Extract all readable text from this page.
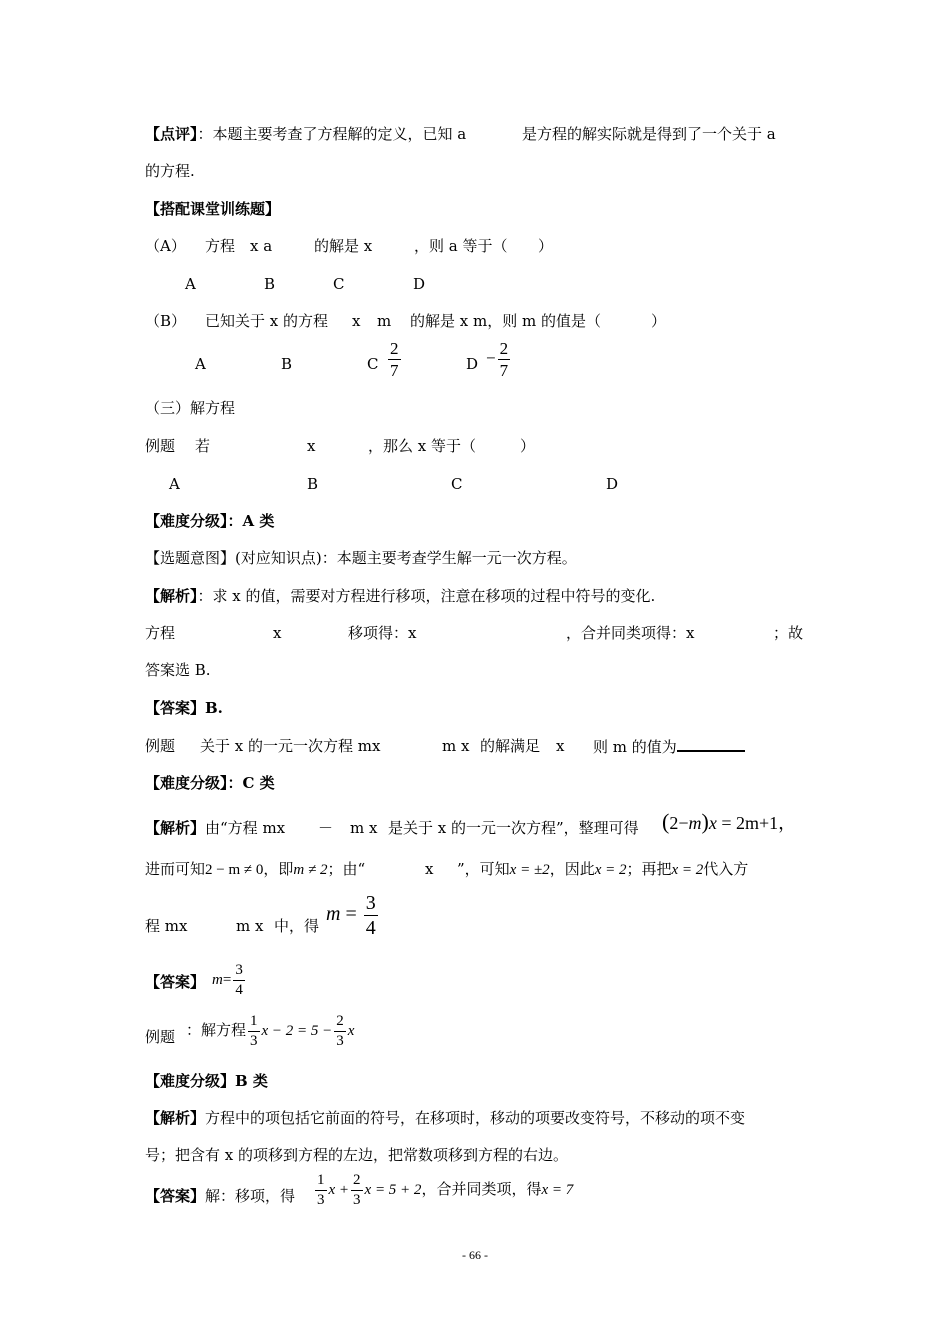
【点评】：本题主要考查了方程解的定义，已知 a	是方程的解实际就是得到了一个关于 a
的方程.
【搭配课堂训练题】
（A） 方程 x a	的解是 x	，则 a 等于（ ）
A	B	C	D
（B） 已知关于 x 的方程 x m 的解是 x m，则 m 的值是（	）
A	B	C $\frac{2}{7}$	$D - \frac{2}{7}$
（三）解方程
例题 若	x	，那么 x 等于（	）
A	B	C	D
【难度分级】：A 类
【选题意图】(对应知识点)：本题主要考查学生解一元一次方程。
【解析】：求 x 的值，需要对方程进行移项，注意在移项的过程中符号的变化.
方程	x	移项得：x	，合并同类项得：x	；故
答案选 B.
【答案】B.
例题 关于 x 的一元一次方程 mx	m x 的解满足 x 则 m 的值为
【难度分级】：C 类
【解析】由“方程 mx － m x 是关于 x 的一元一次方程”，整理可得 (2−m)x = 2m+1，
进而可知2 − m ≠ 0，即m ≠ 2；由“	x ”，可知x = ±2，因此x = 2；再把x = 2代入方
程 mx	m x 中，得
$m = \frac{3}{4}$
【答案】 $m= \frac{3}{4}$
例题 ：解方程 $\frac{1}{3}$ $x - 2 = 5 - \frac{2}{3}$ x
【难度分级】B 类
【解析】方程中的项包括它前面的符号，在移项时，移动的项要改变符号，不移动的项不变
号；把含有 x 的项移到方程的左边，把常数项移到方程的右边。
【答案】解：移项，得 $\frac{1}{3}$ $x + \frac{2}{3}$ x = 5 + 2，合并同类项，得x = 7
- 66 -
